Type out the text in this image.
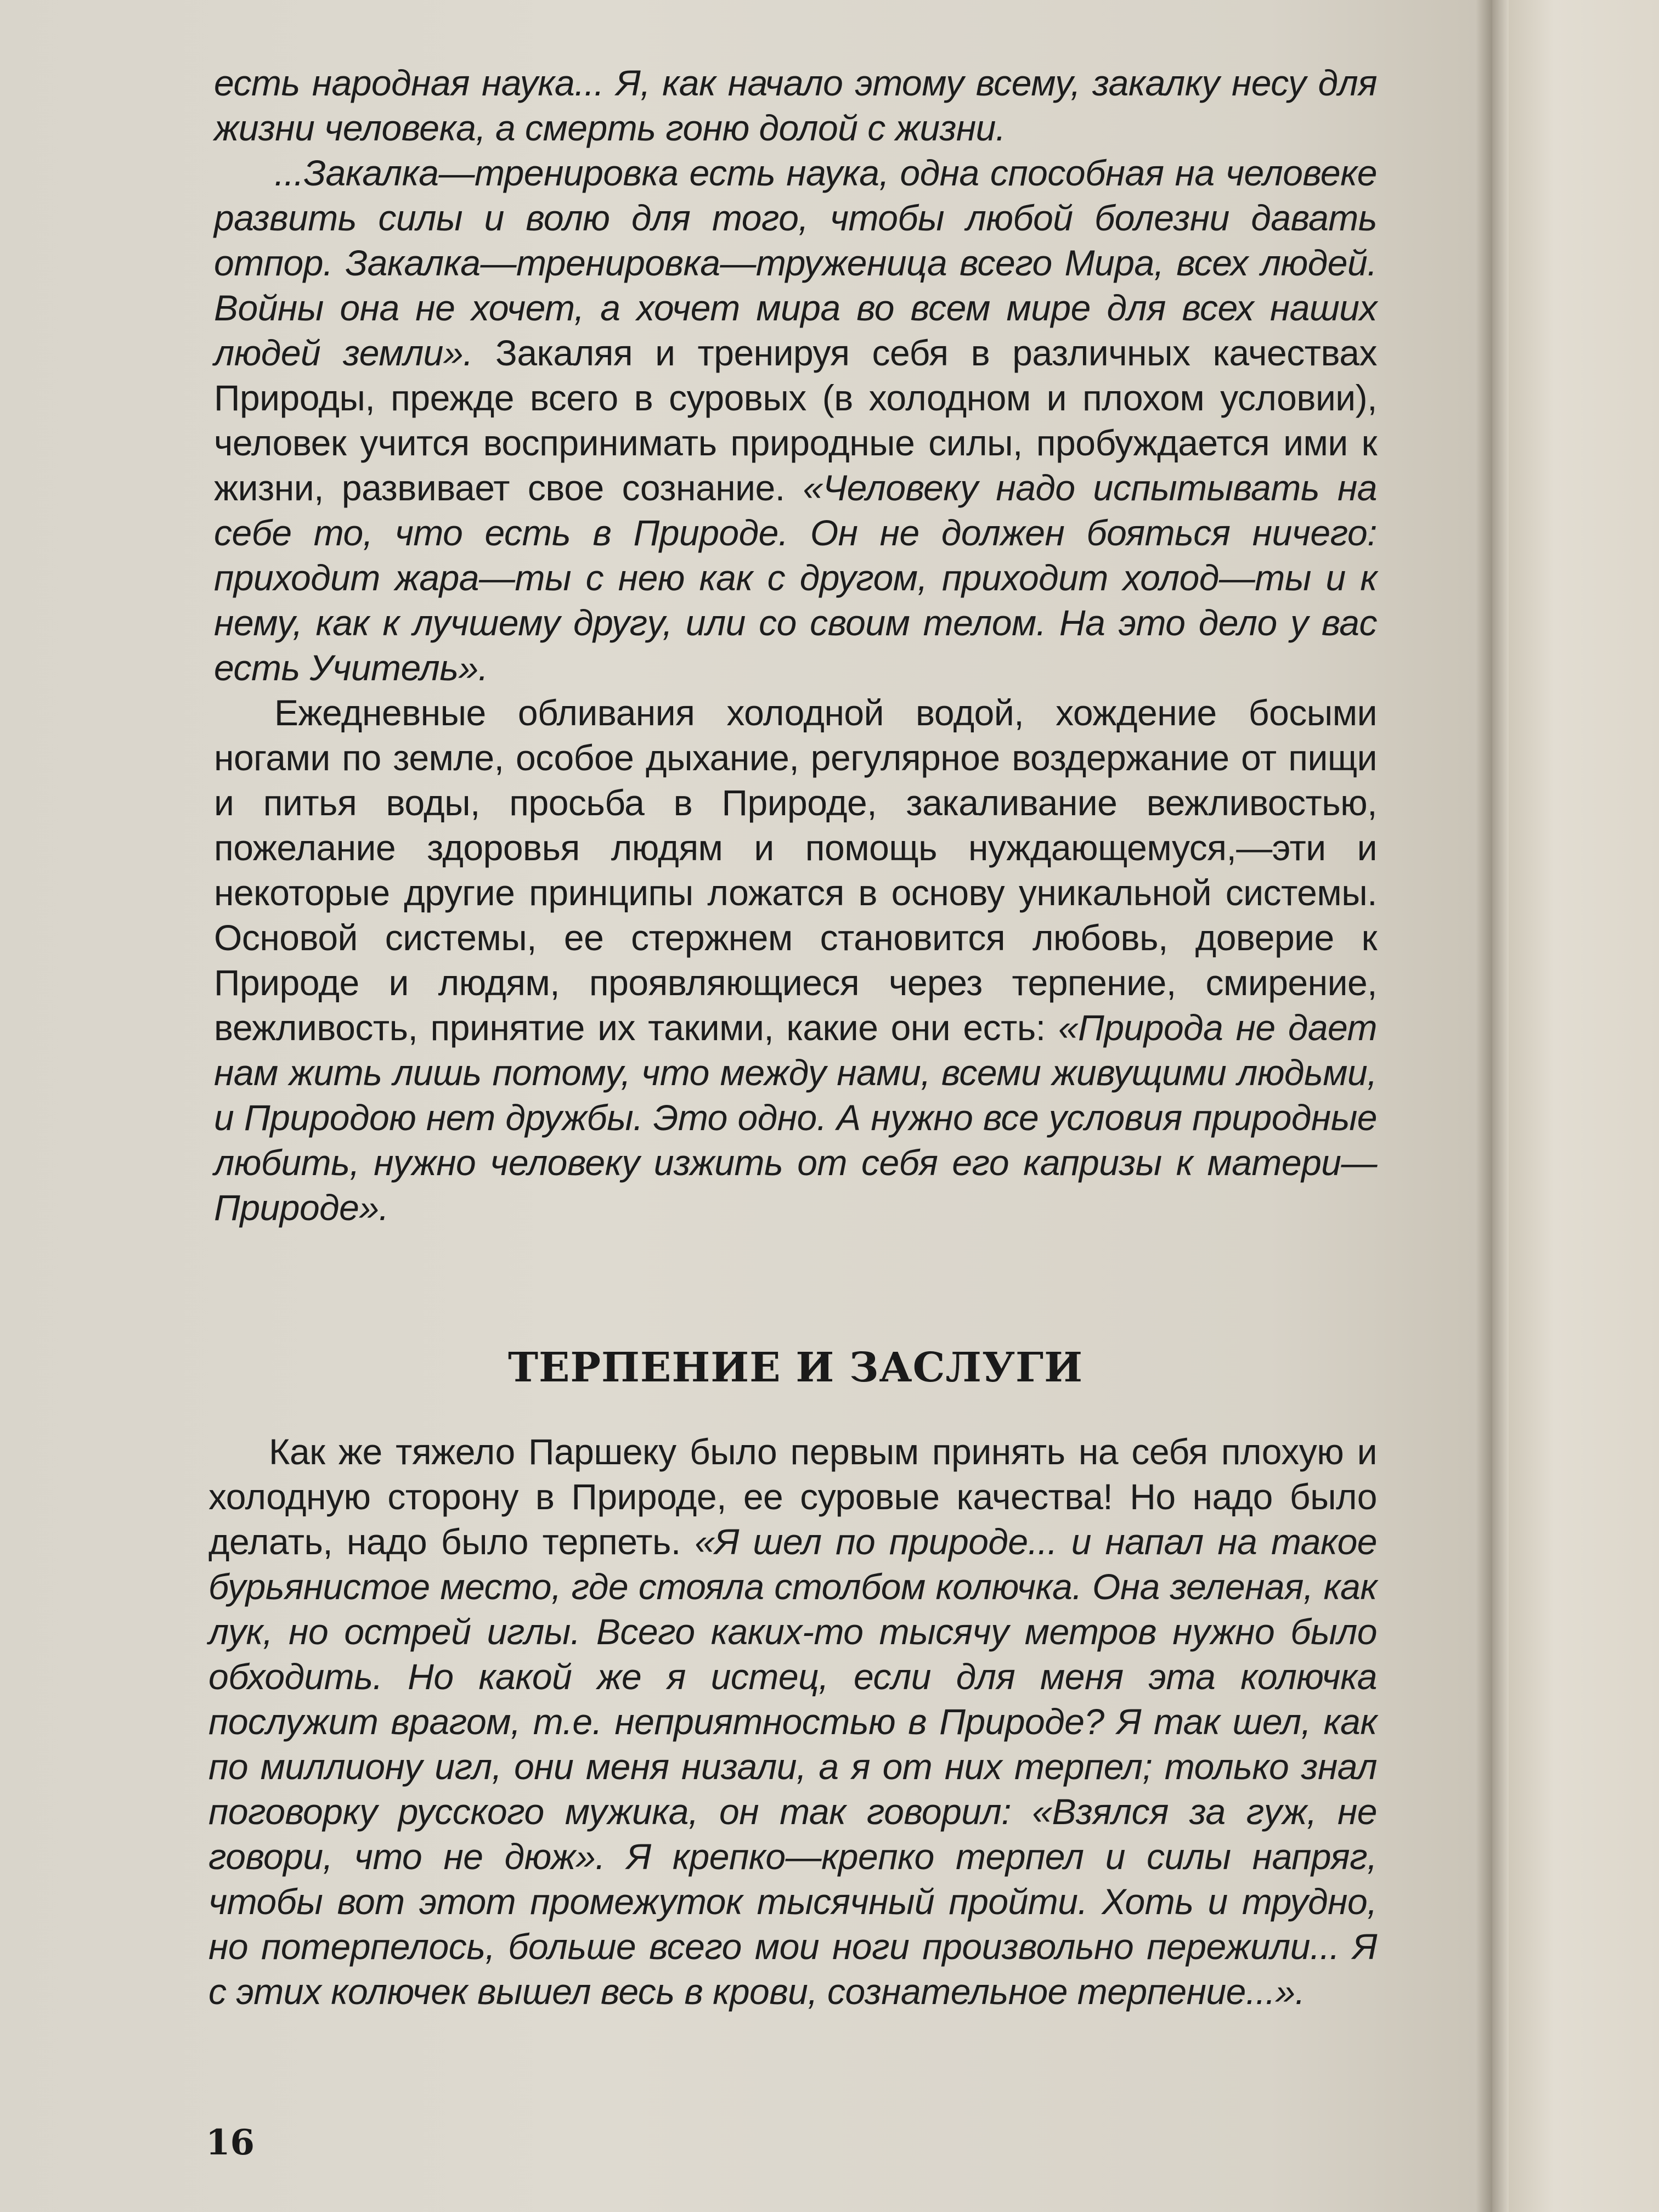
есть народная наука... Я, как начало этому всему, закалку несу для жизни человека, а смерть гоню долой с жизни.

...Закалка—тренировка есть наука, одна способная на человеке развить силы и волю для того, чтобы любой болезни давать отпор. Закалка—тренировка—труженица всего Мира, всех людей. Войны она не хочет, а хочет мира во всем мире для всех наших людей земли». Закаляя и тренируя себя в различных качествах Природы, прежде всего в суровых (в холодном и плохом условии), человек учится воспринимать природные силы, пробуждается ими к жизни, развивает свое сознание. «Человеку надо испытывать на себе то, что есть в Природе. Он не должен бояться ничего: приходит жара—ты с нею как с другом, приходит холод—ты и к нему, как к лучшему другу, или со своим телом. На это дело у вас есть Учитель».

Ежедневные обливания холодной водой, хождение босыми ногами по земле, особое дыхание, регулярное воздержание от пищи и питья воды, просьба в Природе, закаливание вежливостью, пожелание здоровья людям и помощь нуждающемуся,—эти и некоторые другие принципы ложатся в основу уникальной системы. Основой системы, ее стержнем становится любовь, доверие к Природе и людям, проявляющиеся через терпение, смирение, вежливость, принятие их такими, какие они есть: «Природа не дает нам жить лишь потому, что между нами, всеми живущими людьми, и Природою нет дружбы. Это одно. А нужно все условия природные любить, нужно человеку изжить от себя его капризы к матери—Природе».

ТЕРПЕНИЕ И ЗАСЛУГИ

Как же тяжело Паршеку было первым принять на себя плохую и холодную сторону в Природе, ее суровые качества! Но надо было делать, надо было терпеть. «Я шел по природе... и напал на такое бурьянистое место, где стояла столбом колючка. Она зеленая, как лук, но острей иглы. Всего каких-то тысячу метров нужно было обходить. Но какой же я истец, если для меня эта колючка послужит врагом, т.е. неприятностью в Природе? Я так шел, как по миллиону игл, они меня низали, а я от них терпел; только знал поговорку русского мужика, он так говорил: «Взялся за гуж, не говори, что не дюж». Я крепко—крепко терпел и силы напряг, чтобы вот этот промежуток тысячный пройти. Хоть и трудно, но потерпелось, больше всего мои ноги произвольно пережили... Я с этих колючек вышел весь в крови, сознательное терпение...».

16
